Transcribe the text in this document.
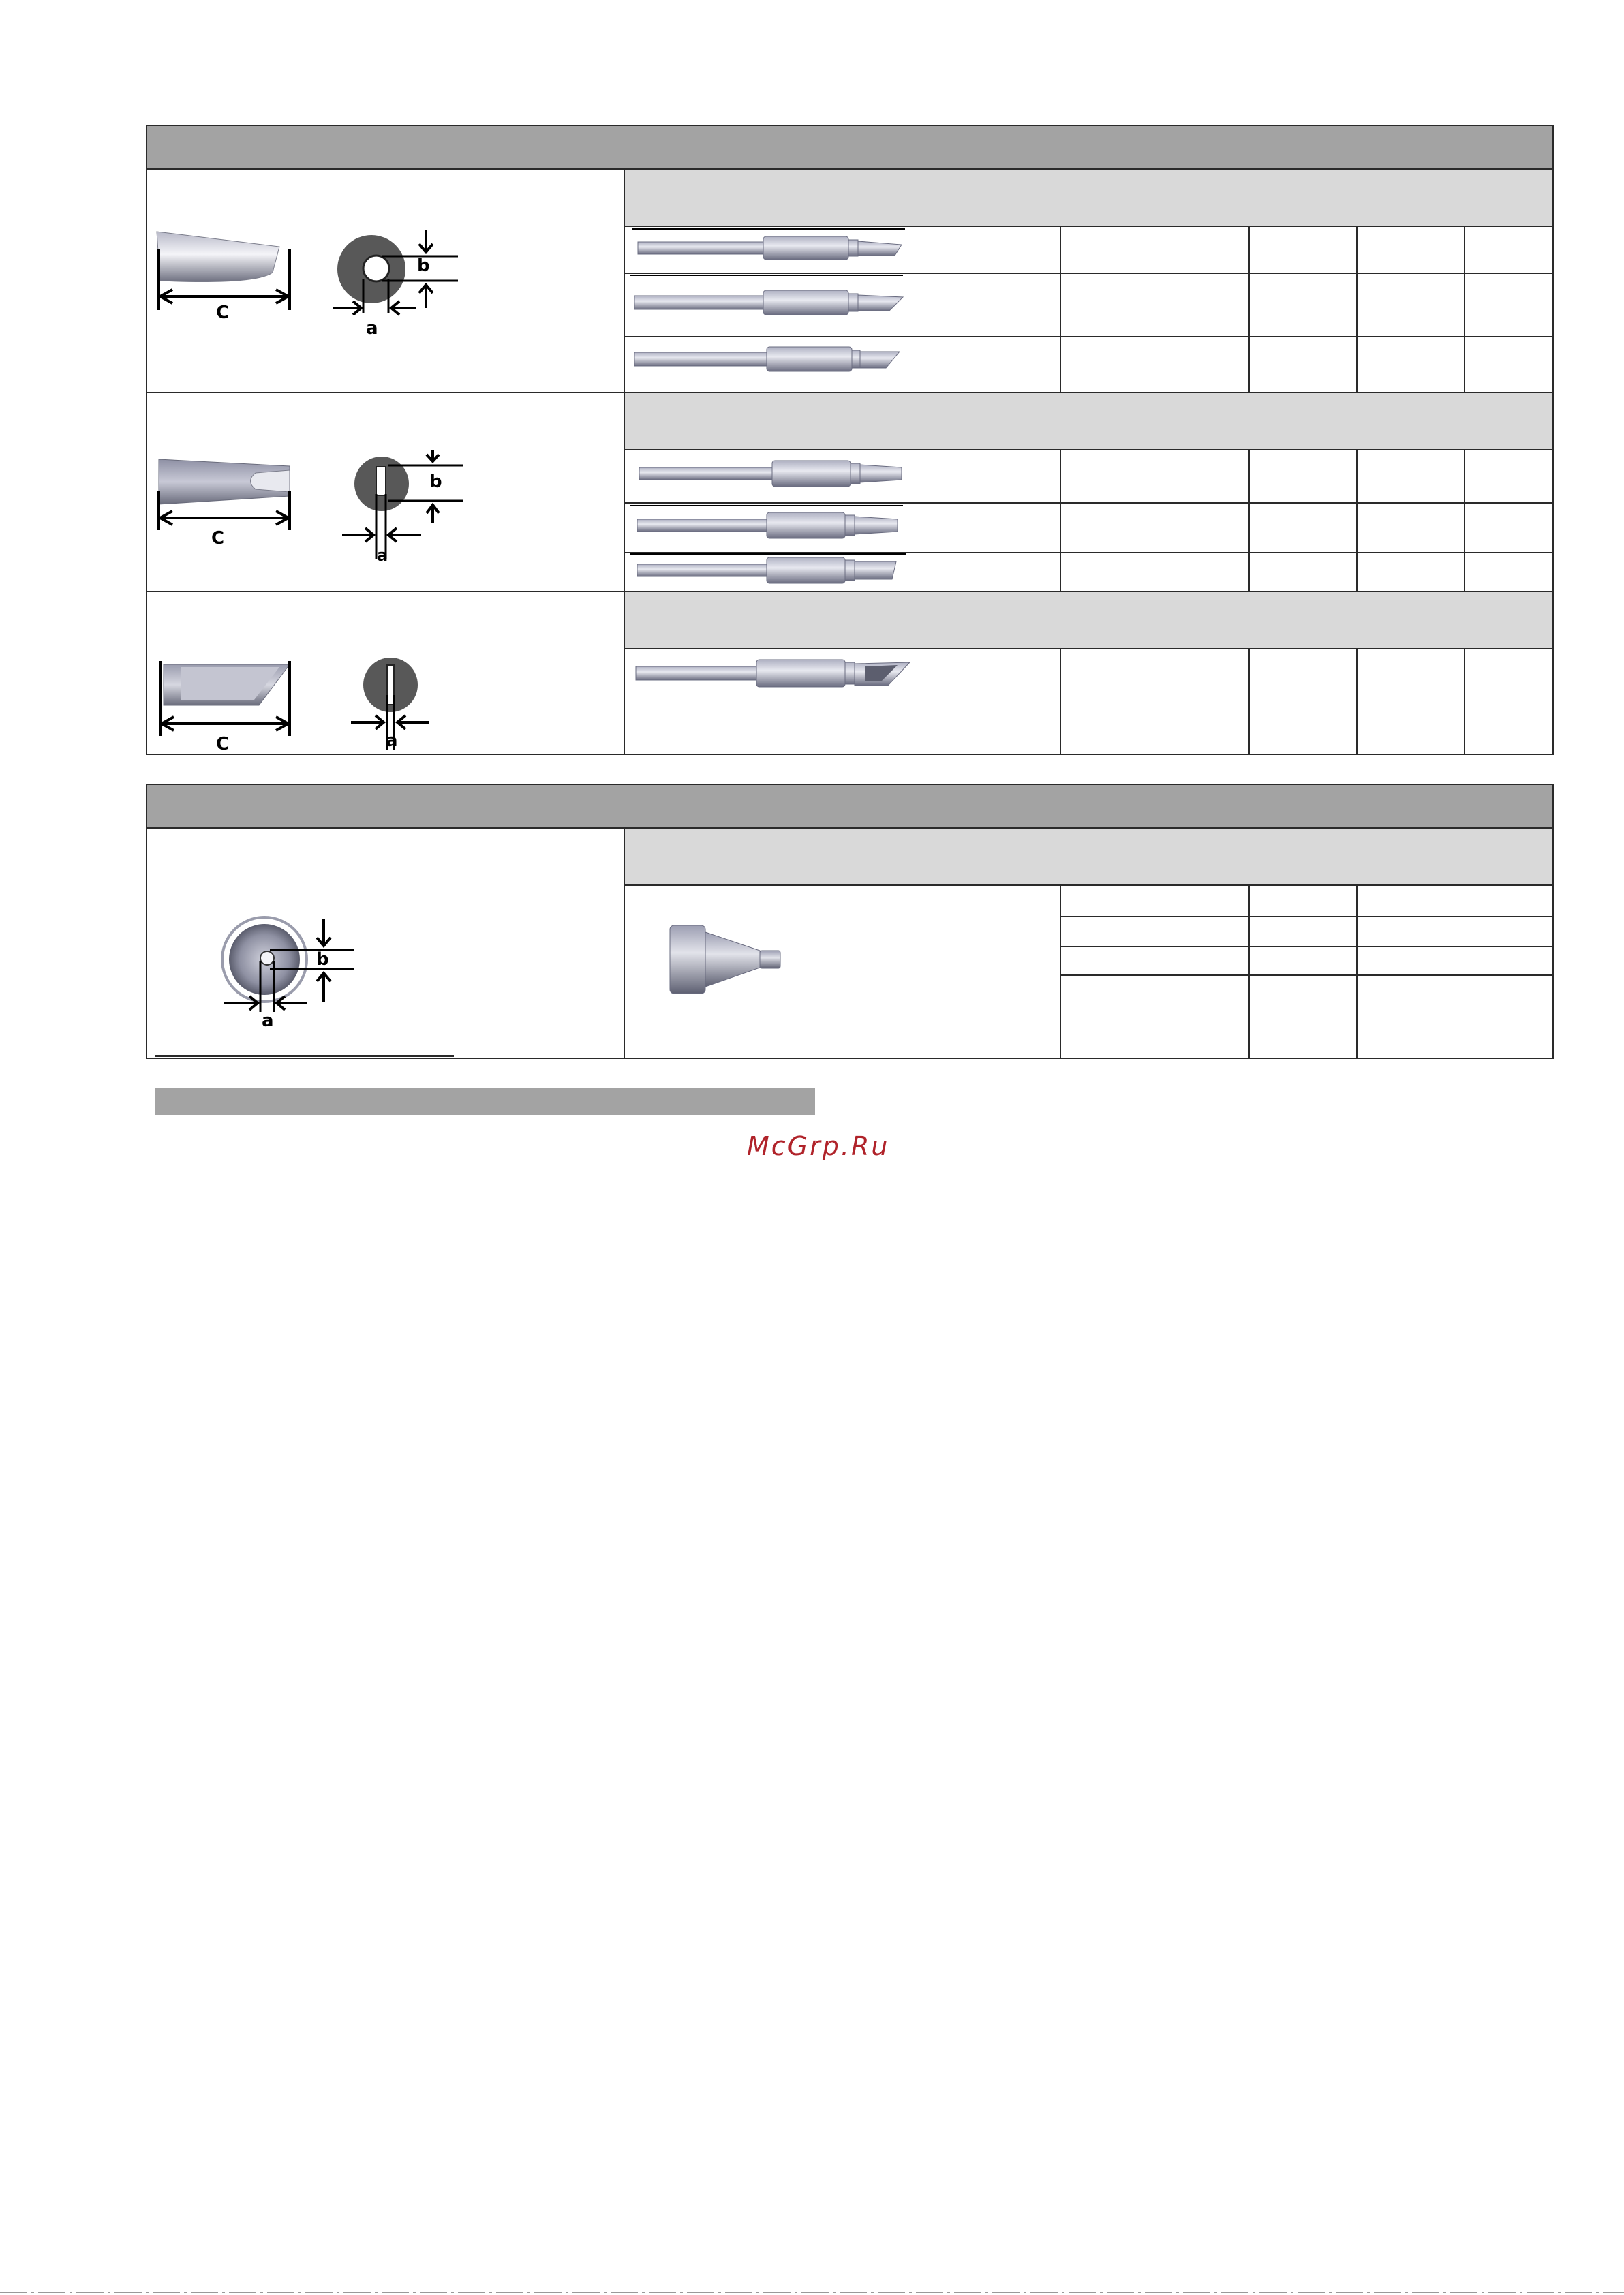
C
b
a
C
b
a
C	a
b
a
McGrp.Ru
